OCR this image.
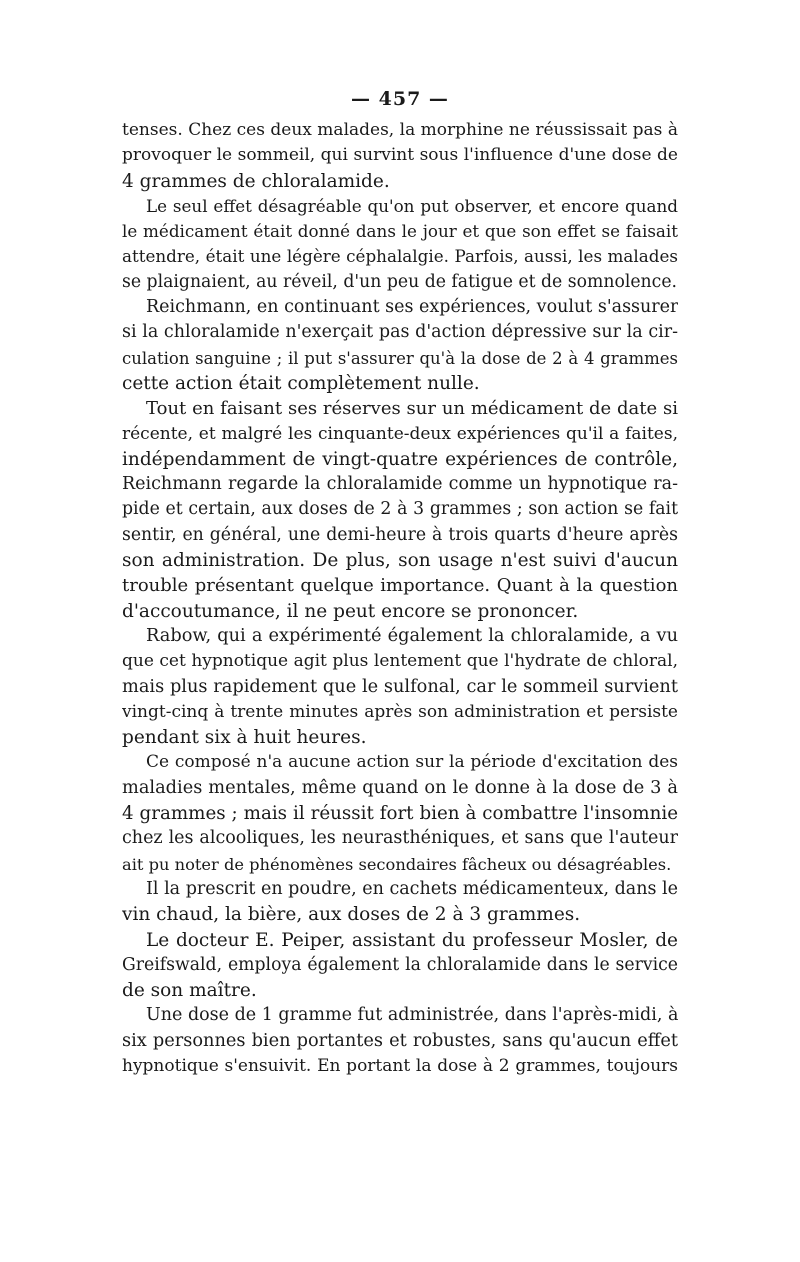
— 457 —
tenses. Chez ces deux malades, la morphine ne réussissait pas à
provoquer le sommeil, qui survint sous l'influence d'une dose de
4 grammes de chloralamide.
Le seul effet désagréable qu'on put observer, et encore quand
le médicament était donné dans le jour et que son effet se faisait
attendre, était une légère céphalalgie. Parfois, aussi, les malades
se plaignaient, au réveil, d'un peu de fatigue et de somnolence.
Reichmann, en continuant ses expériences, voulut s'assurer
si la chloralamide n'exerçait pas d'action dépressive sur la cir-
culation sanguine ; il put s'assurer qu'à la dose de 2 à 4 grammes
cette action était complètement nulle.
Tout en faisant ses réserves sur un médicament de date si
récente, et malgré les cinquante-deux expériences qu'il a faites,
indépendamment de vingt-quatre expériences de contrôle,
Reichmann regarde la chloralamide comme un hypnotique ra-
pide et certain, aux doses de 2 à 3 grammes ; son action se fait
sentir, en général, une demi-heure à trois quarts d'heure après
son administration. De plus, son usage n'est suivi d'aucun
trouble présentant quelque importance. Quant à la question
d'accoutumance, il ne peut encore se prononcer.
Rabow, qui a expérimenté également la chloralamide, a vu
que cet hypnotique agit plus lentement que l'hydrate de chloral,
mais plus rapidement que le sulfonal, car le sommeil survient
vingt-cinq à trente minutes après son administration et persiste
pendant six à huit heures.
Ce composé n'a aucune action sur la période d'excitation des
maladies mentales, même quand on le donne à la dose de 3 à
4 grammes ; mais il réussit fort bien à combattre l'insomnie
chez les alcooliques, les neurasthéniques, et sans que l'auteur
ait pu noter de phénomènes secondaires fâcheux ou désagréables.
Il la prescrit en poudre, en cachets médicamenteux, dans le
vin chaud, la bière, aux doses de 2 à 3 grammes.
Le docteur E. Peiper, assistant du professeur Mosler, de
Greifswald, employa également la chloralamide dans le service
de son maître.
Une dose de 1 gramme fut administrée, dans l'après-midi, à
six personnes bien portantes et robustes, sans qu'aucun effet
hypnotique s'ensuivit. En portant la dose à 2 grammes, toujours
